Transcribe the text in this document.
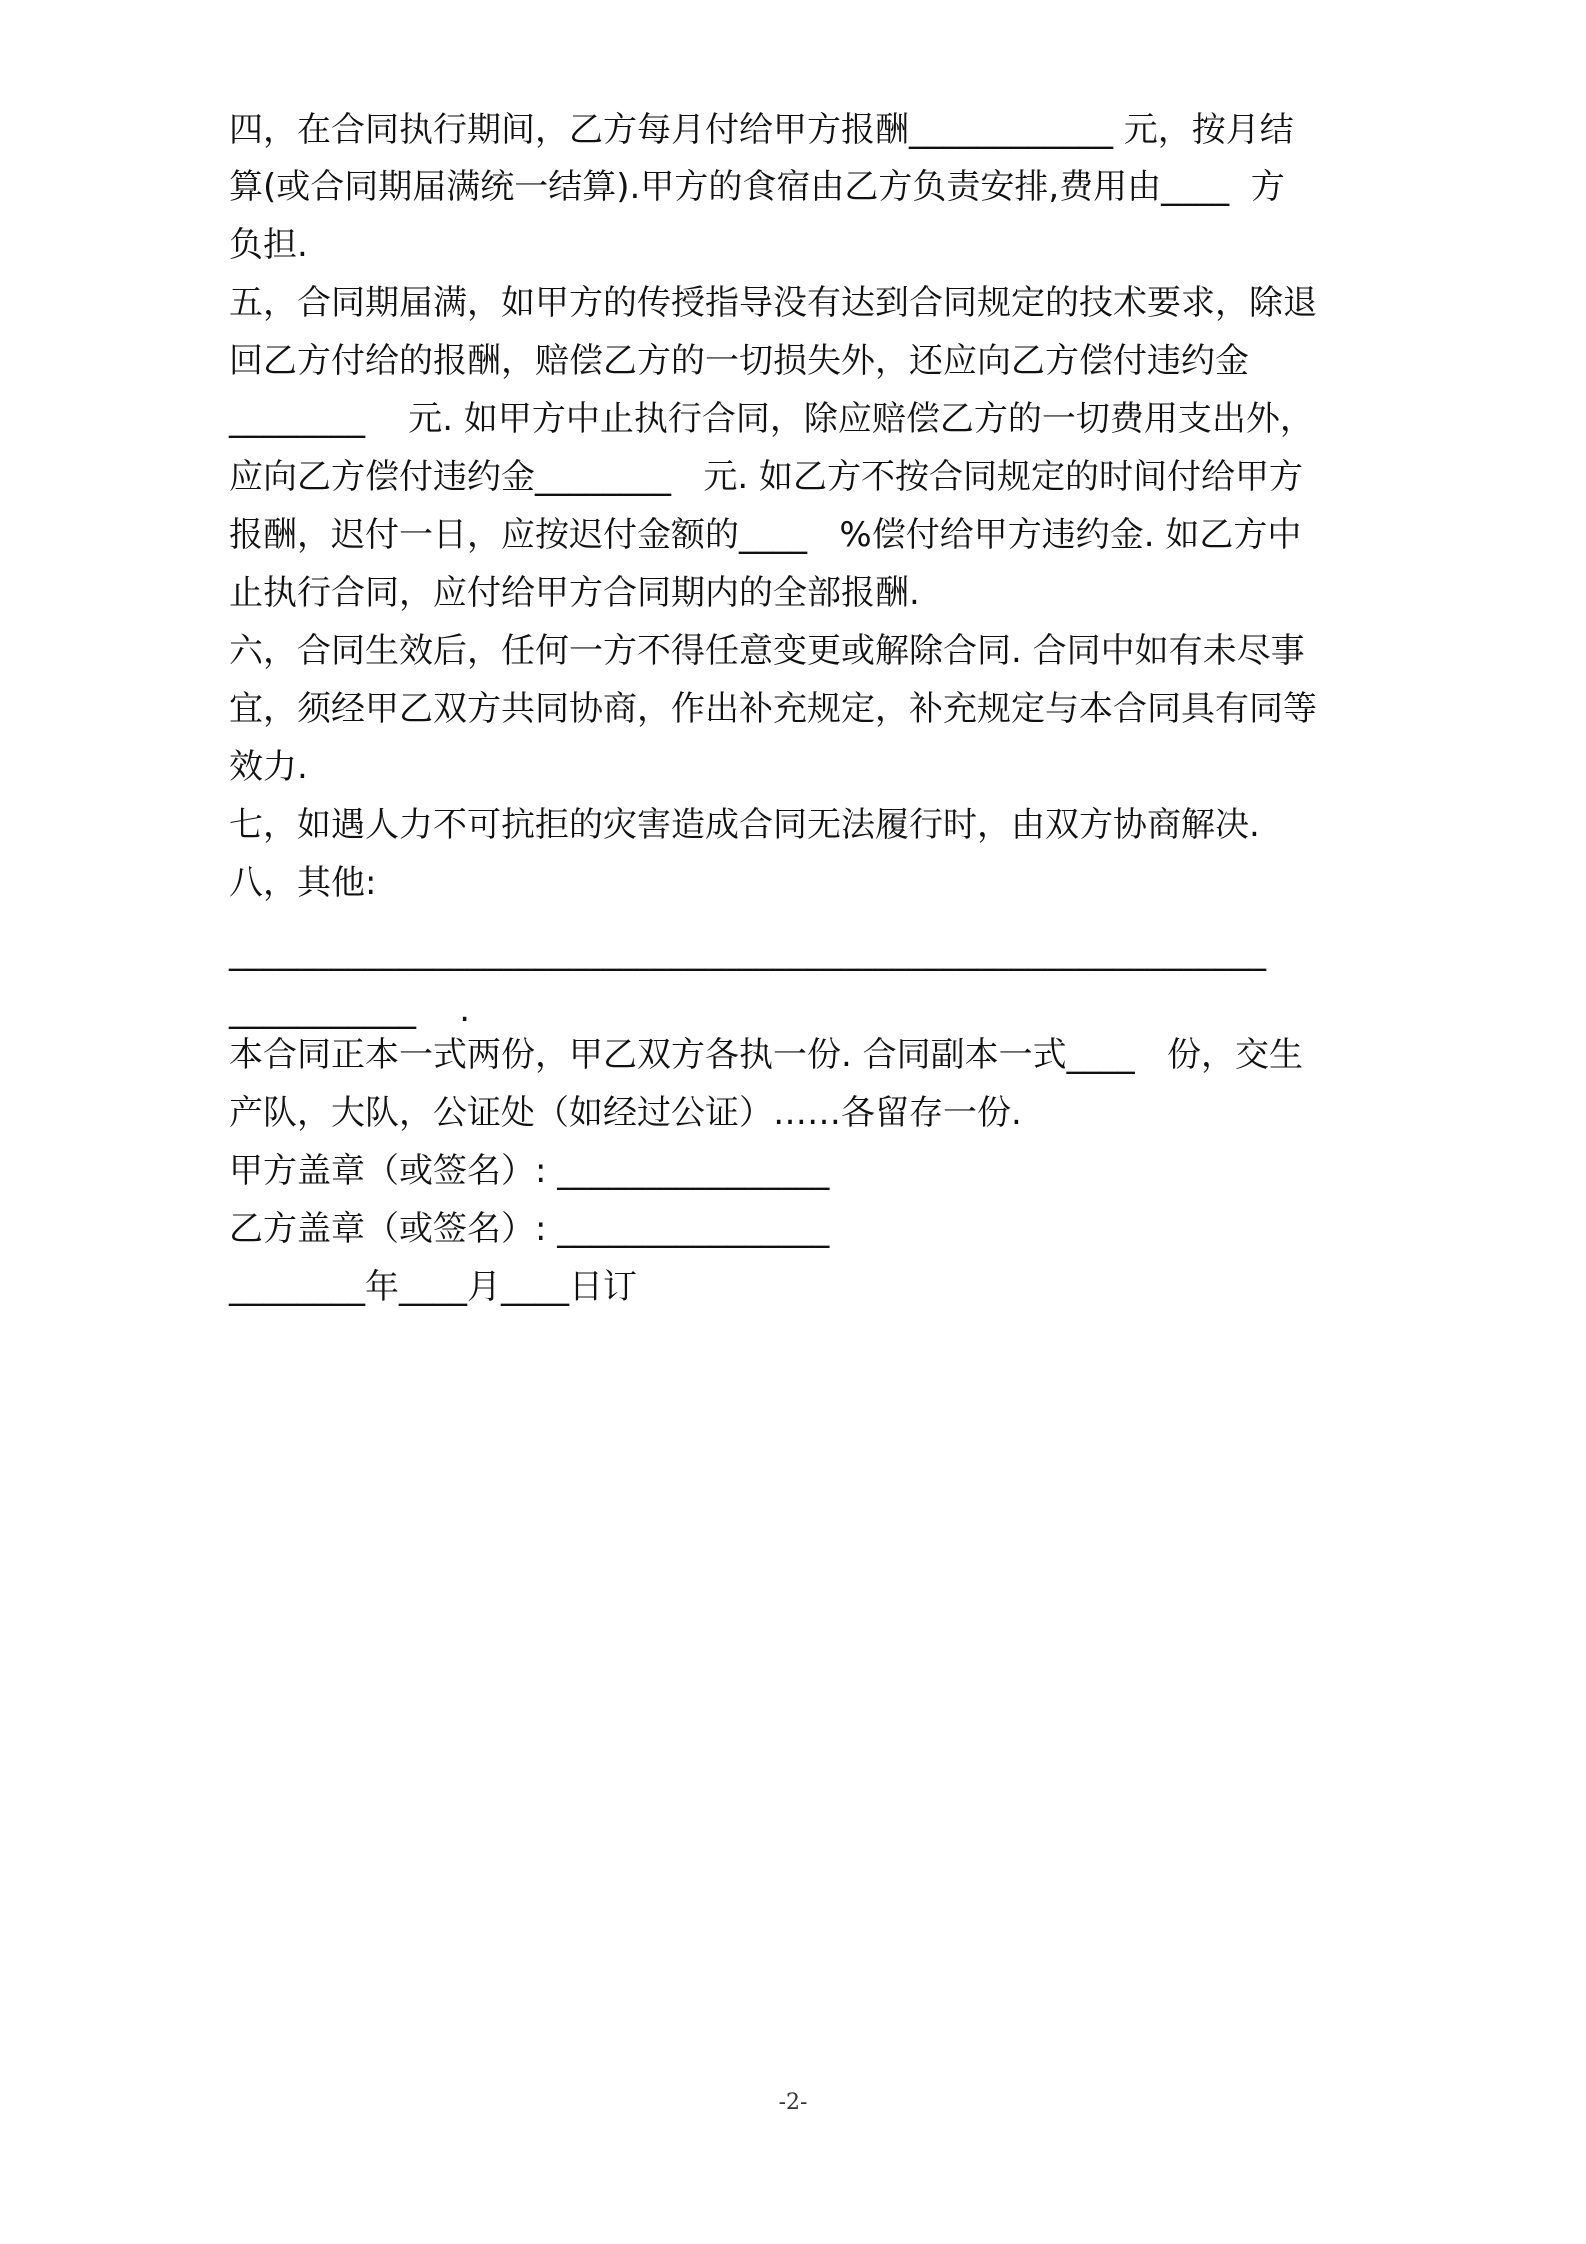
四，在合同执行期间，乙方每月付给甲方报酬____________ 元，按月结
算(或合同期届满统一结算).甲方的食宿由乙方负责安排,费用由____  方
负担.
五，合同期届满，如甲方的传授指导没有达到合同规定的技术要求，除退
回乙方付给的报酬，赔偿乙方的一切损失外，还应向乙方偿付违约金
________    元. 如甲方中止执行合同，除应赔偿乙方的一切费用支出外，
应向乙方偿付违约金________   元. 如乙方不按合同规定的时间付给甲方
报酬，迟付一日，应按迟付金额的____   %偿付给甲方违约金. 如乙方中
止执行合同，应付给甲方合同期内的全部报酬.
六，合同生效后，任何一方不得任意变更或解除合同. 合同中如有未尽事
宜，须经甲乙双方共同协商，作出补充规定，补充规定与本合同具有同等
效力.
七，如遇人力不可抗拒的灾害造成合同无法履行时，由双方协商解决.
八，其他:
_____________________________________________________________
___________    .
本合同正本一式两份，甲乙双方各执一份. 合同副本一式____   份，交生
产队，大队，公证处（如经过公证）……各留存一份.
甲方盖章（或签名）: ________________
乙方盖章（或签名）: ________________
________年____月____日订
-2-
